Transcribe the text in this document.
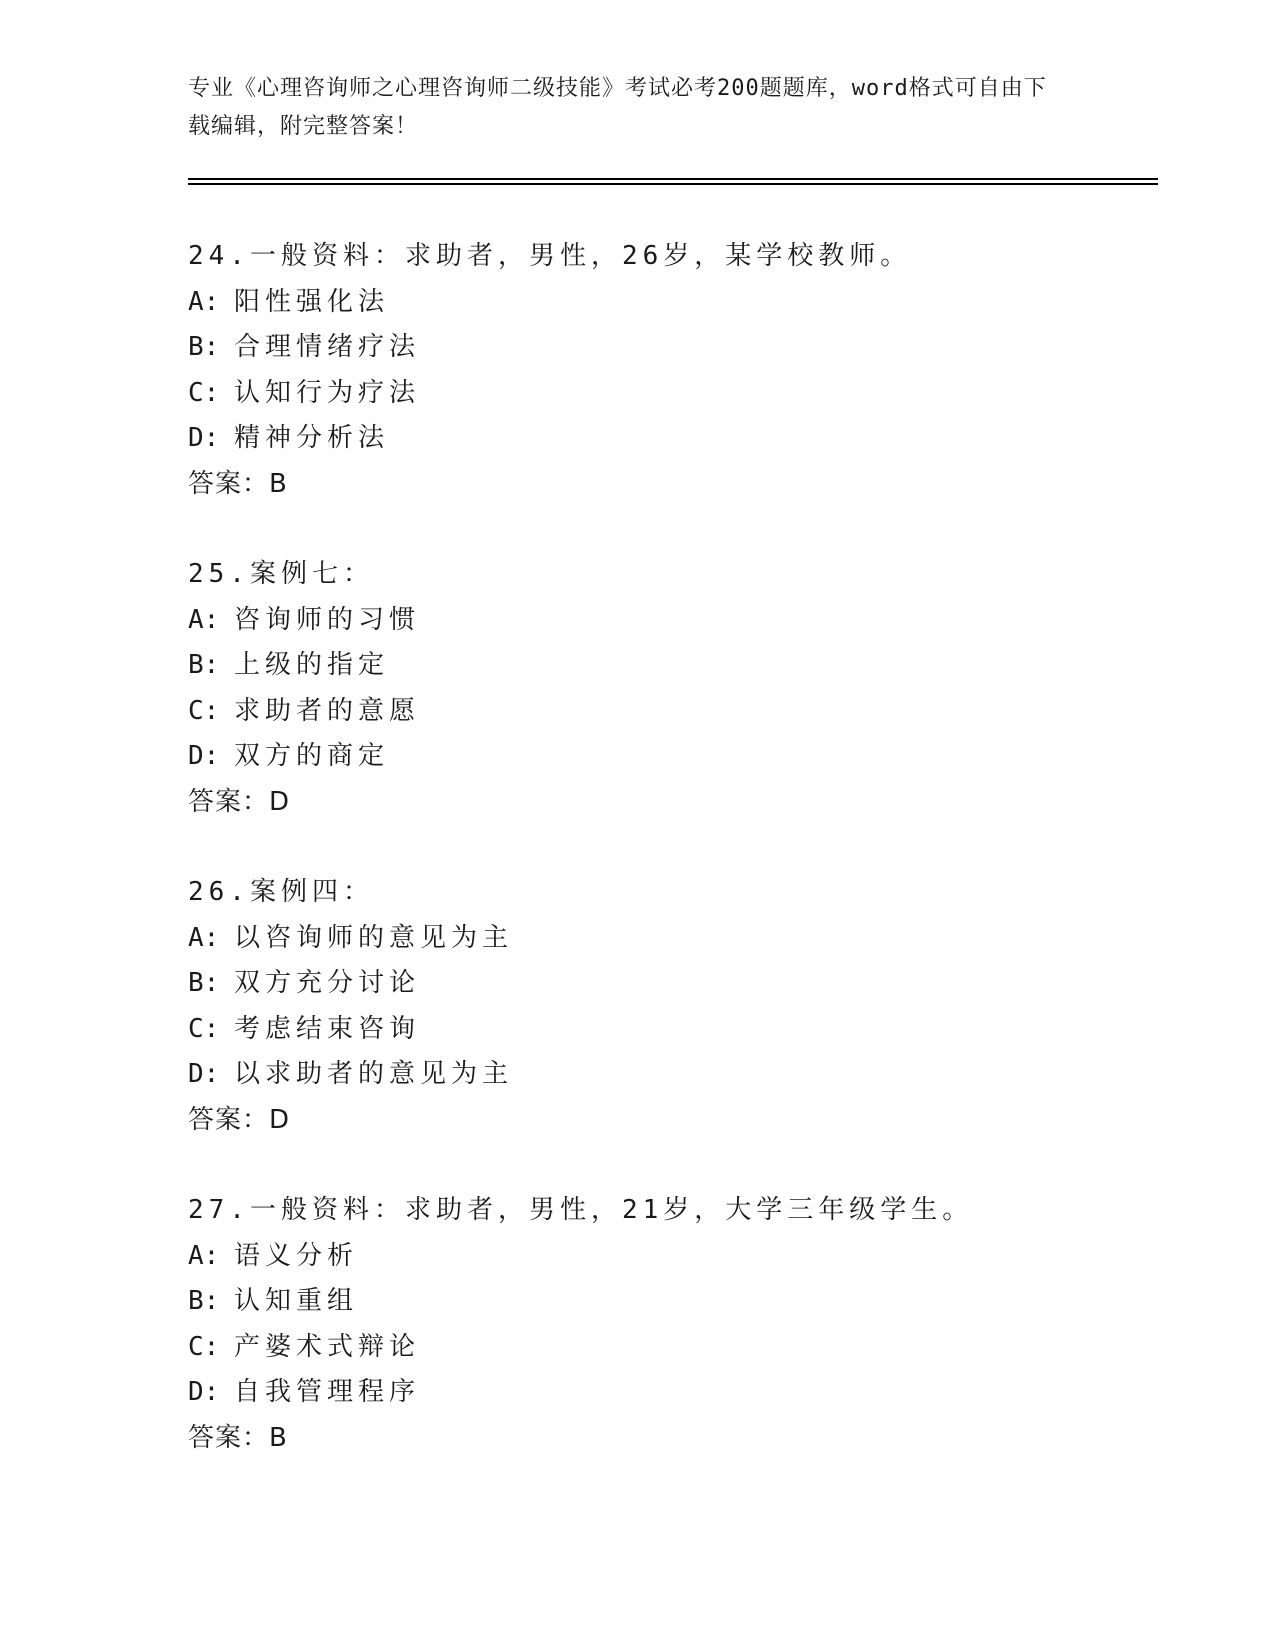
专业《心理咨询师之心理咨询师二级技能》考试必考200题题库，word格式可自由下载编辑，附完整答案！
24.一般资料：求助者，男性，26岁，某学校教师。
A: 阳性强化法
B: 合理情绪疗法
C: 认知行为疗法
D: 精神分析法
答案：B
25.案例七：
A: 咨询师的习惯
B: 上级的指定
C: 求助者的意愿
D: 双方的商定
答案：D
26.案例四：
A: 以咨询师的意见为主
B: 双方充分讨论
C: 考虑结束咨询
D: 以求助者的意见为主
答案：D
27.一般资料：求助者，男性，21岁，大学三年级学生。
A: 语义分析
B: 认知重组
C: 产婆术式辩论
D: 自我管理程序
答案：B
